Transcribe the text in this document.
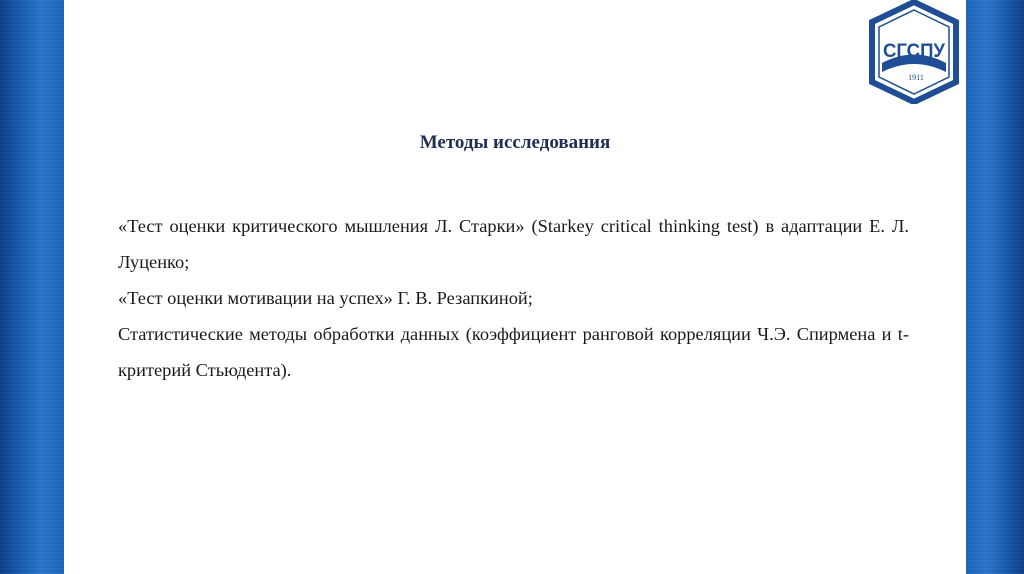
СГСПУ
1911
Методы исследования

«Тест оценки критического мышления Л. Старки» (Starkey critical thinking test) в адаптации Е. Л. Луценко;

«Тест оценки мотивации на успех» Г. В. Резапкиной;

Статистические методы обработки данных (коэффициент ранговой корреляции Ч.Э. Спирмена и t-критерий Стьюдента).
